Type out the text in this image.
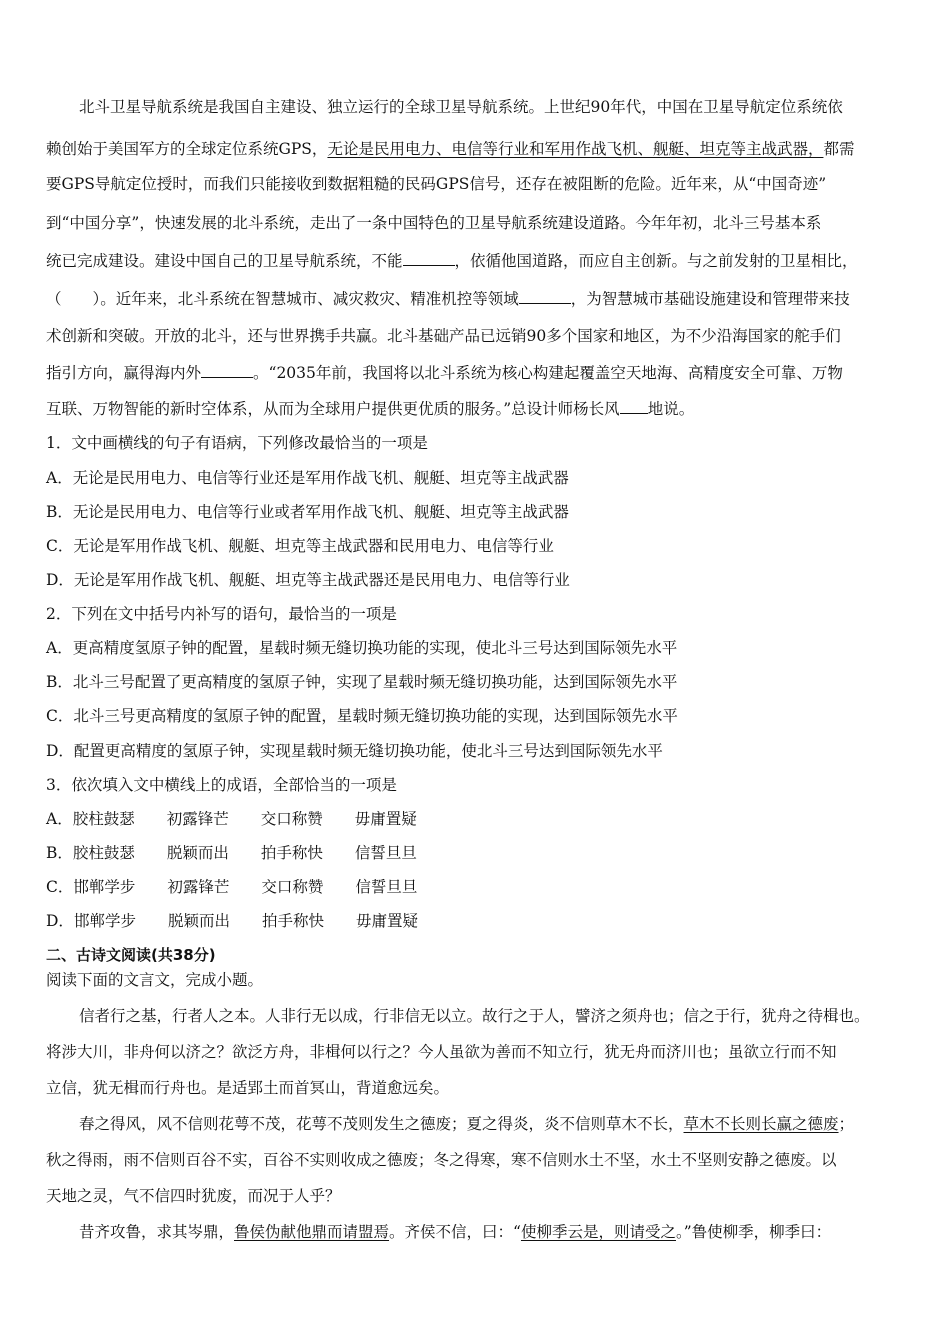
北斗卫星导航系统是我国自主建设、独立运行的全球卫星导航系统。上世纪90年代，中国在卫星导航定位系统依
赖创始于美国军方的全球定位系统GPS，无论是民用电力、电信等行业和军用作战飞机、舰艇、坦克等主战武器，都需
要GPS导航定位授时，而我们只能接收到数据粗糙的民码GPS信号，还存在被阻断的危险。近年来，从“中国奇迹”
到“中国分享”，快速发展的北斗系统，走出了一条中国特色的卫星导航系统建设道路。今年年初，北斗三号基本系
统已完成建设。建设中国自己的卫星导航系统，不能	，依循他国道路，而应自主创新。与之前发射的卫星相比，
（　　）。近年来，北斗系统在智慧城市、减灾救灾、精准机控等领域	，为智慧城市基础设施建设和管理带来技
术创新和突破。开放的北斗，还与世界携手共赢。北斗基础产品已远销90多个国家和地区，为不少沿海国家的舵手们
指引方向，赢得海内外	。“2035年前，我国将以北斗系统为核心构建起覆盖空天地海、高精度安全可靠、万物
互联、万物智能的新时空体系，从而为全球用户提供更优质的服务。”总设计师杨长风 地说。
1．文中画横线的句子有语病，下列修改最恰当的一项是
A．无论是民用电力、电信等行业还是军用作战飞机、舰艇、坦克等主战武器
B．无论是民用电力、电信等行业或者军用作战飞机、舰艇、坦克等主战武器
C．无论是军用作战飞机、舰艇、坦克等主战武器和民用电力、电信等行业
D．无论是军用作战飞机、舰艇、坦克等主战武器还是民用电力、电信等行业
2．下列在文中括号内补写的语句，最恰当的一项是
A．更高精度氢原子钟的配置，星载时频无缝切换功能的实现，使北斗三号达到国际领先水平
B．北斗三号配置了更高精度的氢原子钟，实现了星载时频无缝切换功能，达到国际领先水平
C．北斗三号更高精度的氢原子钟的配置，星载时频无缝切换功能的实现，达到国际领先水平
D．配置更高精度的氢原子钟，实现星载时频无缝切换功能，使北斗三号达到国际领先水平
3．依次填入文中横线上的成语，全部恰当的一项是
A．胶柱鼓瑟 初露锋芒 交口称赞 毋庸置疑
B．胶柱鼓瑟 脱颖而出 拍手称快 信誓旦旦
C．邯郸学步 初露锋芒 交口称赞 信誓旦旦
D．邯郸学步 脱颖而出 拍手称快 毋庸置疑
二、古诗文阅读(共38分)
阅读下面的文言文，完成小题。
信者行之基，行者人之本。人非行无以成，行非信无以立。故行之于人，譬济之须舟也；信之于行，犹舟之待楫也。
将涉大川，非舟何以济之？欲泛方舟，非楫何以行之？今人虽欲为善而不知立行，犹无舟而济川也；虽欲立行而不知
立信，犹无楫而行舟也。是适郢土而首冥山，背道愈远矣。
春之得风，风不信则花萼不茂，花萼不茂则发生之德废；夏之得炎，炎不信则草木不长，草木不长则长赢之德废；
秋之得雨，雨不信则百谷不实，百谷不实则收成之德废；冬之得寒，寒不信则水土不坚，水土不坚则安静之德废。以
天地之灵，气不信四时犹废，而况于人乎？
昔齐攻鲁，求其岑鼎，鲁侯伪献他鼎而请盟焉。齐侯不信，曰：“使柳季云是，则请受之。”鲁使柳季，柳季曰：
